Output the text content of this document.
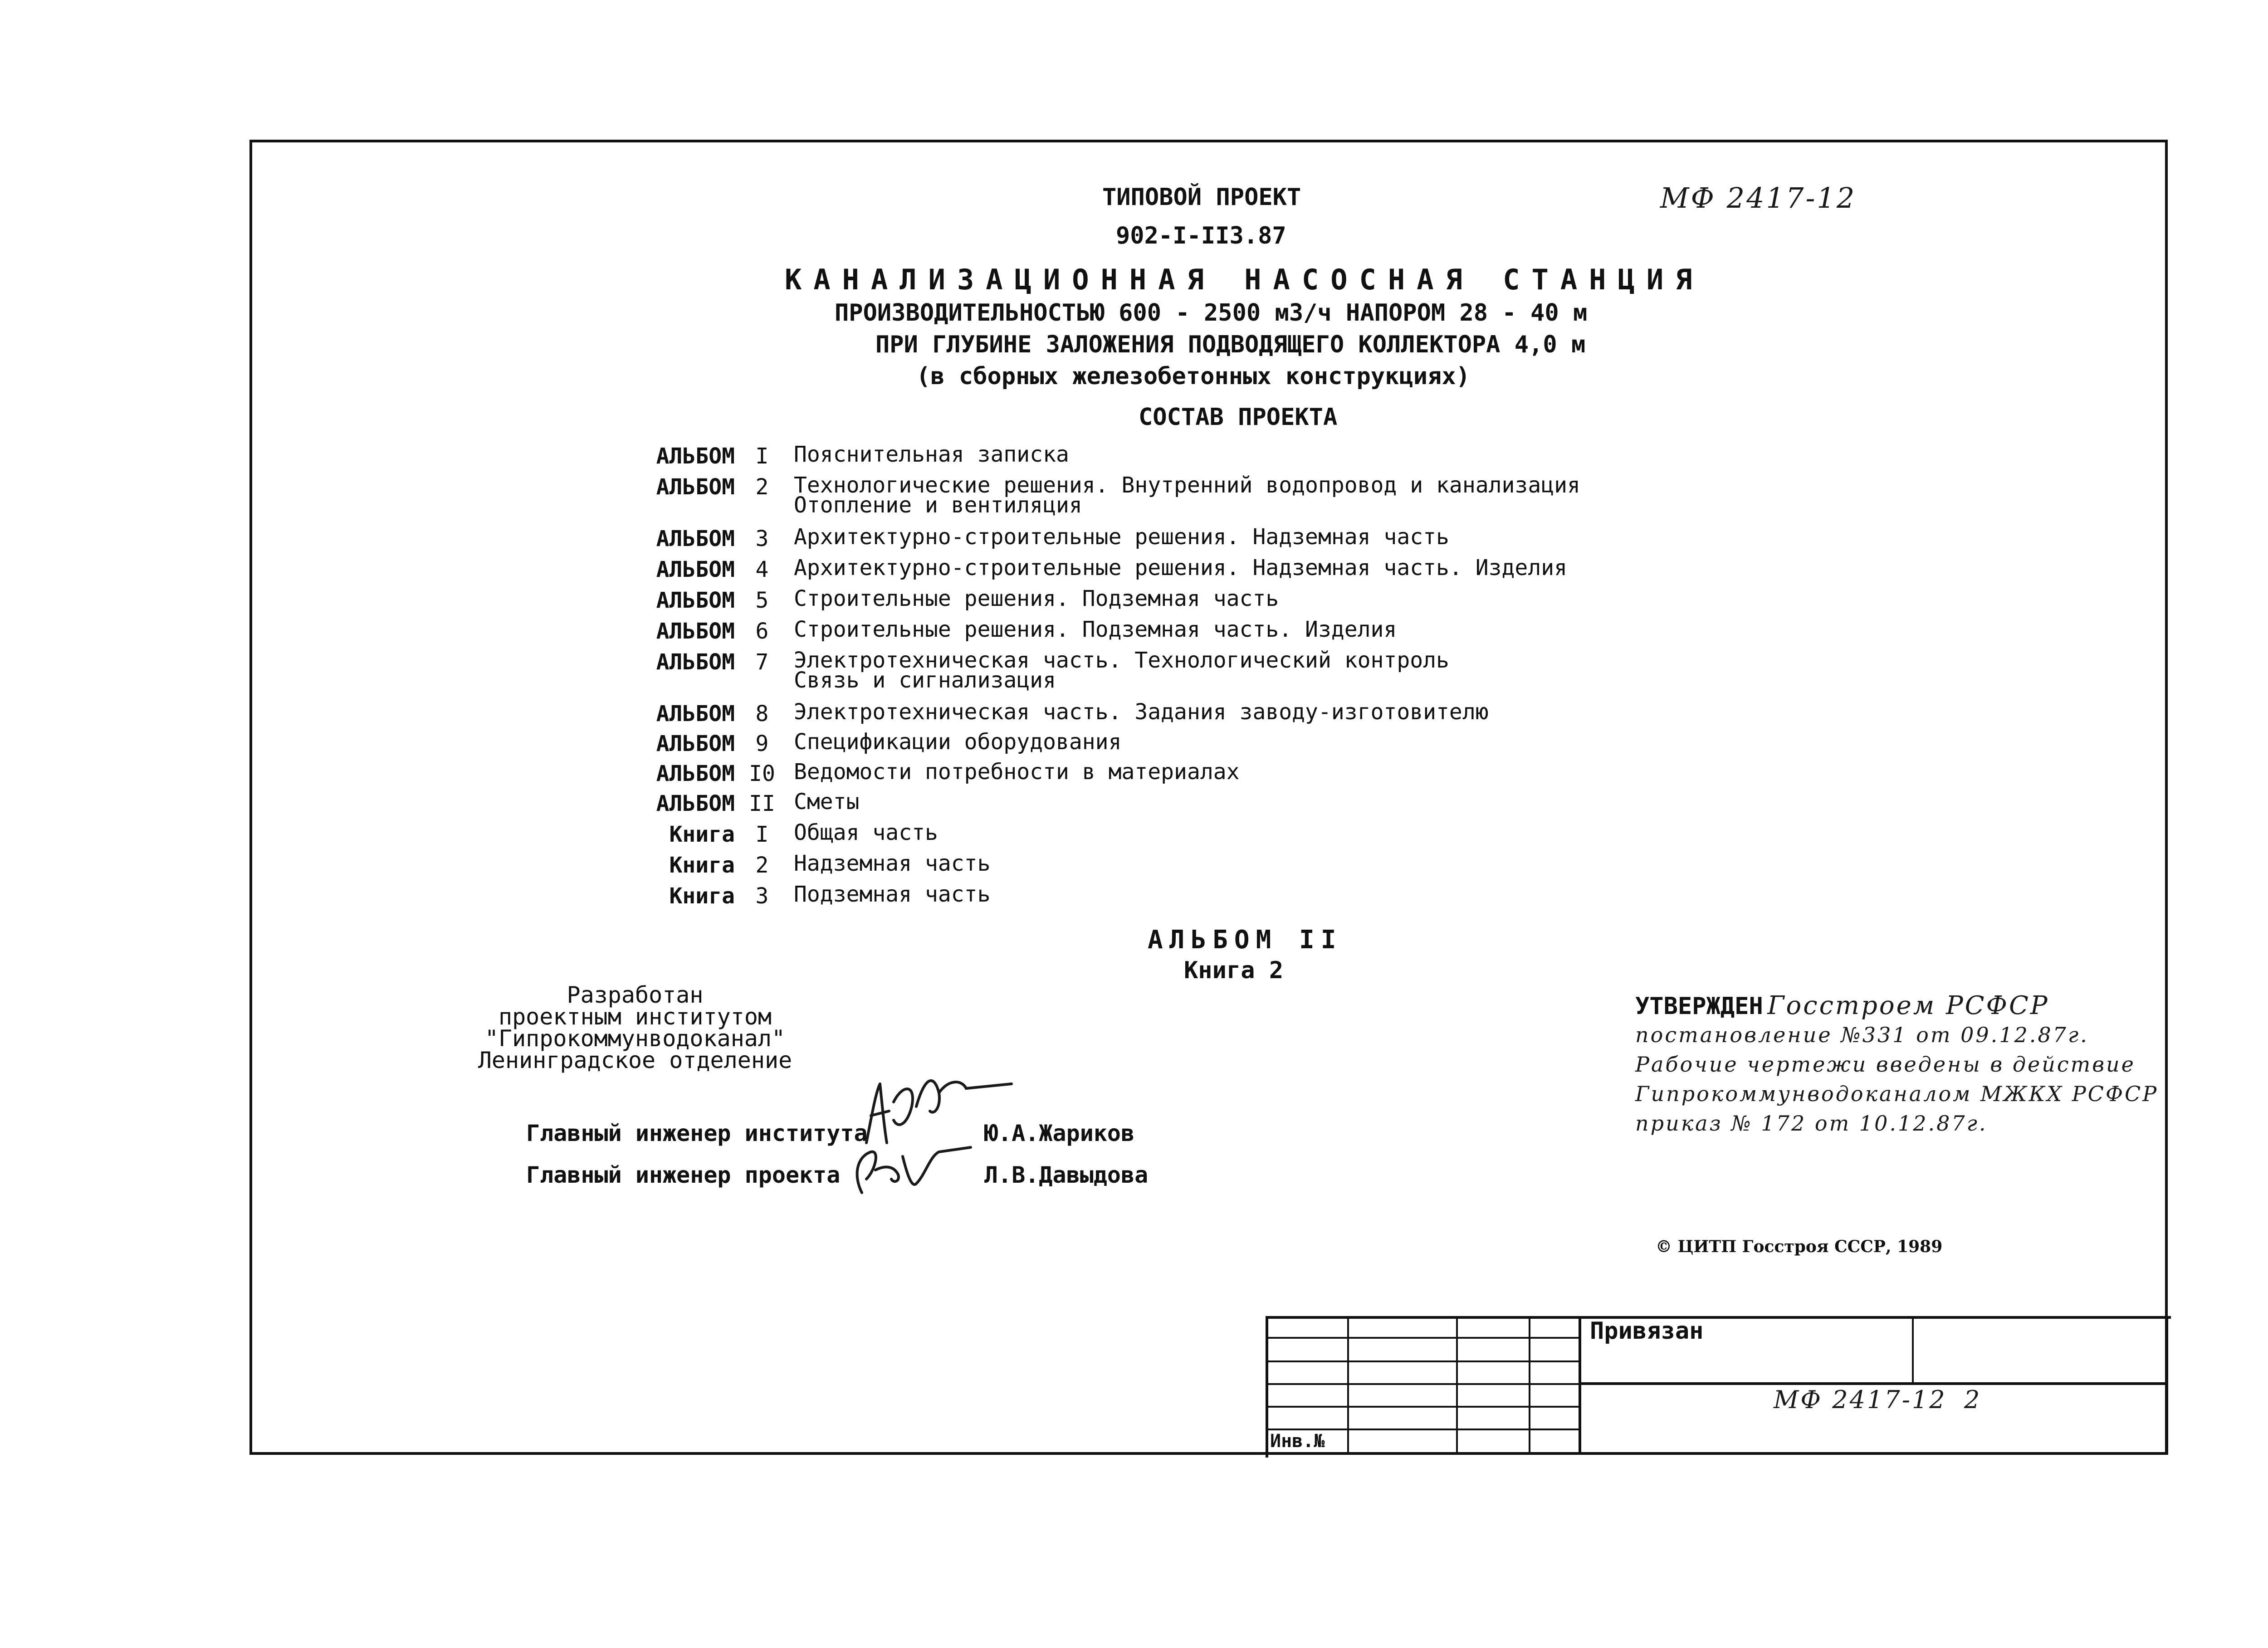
ТИПОВОЙ ПРОЕКТ	МФ 2417-12
902-I-II3.87
КАНАЛИЗАЦИОННАЯ НАСОСНАЯ СТАНЦИЯ
ПРОИЗВОДИТЕЛЬНОСТЬЮ 600 - 2500 м3/ч НАПОРОМ 28 - 40 м
ПРИ ГЛУБИНЕ ЗАЛОЖЕНИЯ ПОДВОДЯЩЕГО КОЛЛЕКТОРА 4,0 м
(в сборных железобетонных конструкциях)
СОСТАВ ПРОЕКТА
АЛЬБОМ I	Пояснительная записка
АЛЬБОМ 2	Технологические решения. Внутренний водопровод и канализация
Отопление и вентиляция
АЛЬБОМ 3	Архитектурно-строительные решения. Надземная часть
АЛЬБОМ 4	Архитектурно-строительные решения. Надземная часть. Изделия
АЛЬБОМ 5	Строительные решения. Подземная часть
АЛЬБОМ 6	Строительные решения. Подземная часть. Изделия
АЛЬБОМ 7	Электротехническая часть. Технологический контроль
Связь и сигнализация
АЛЬБОМ 8	Электротехническая часть. Задания заводу-изготовителю
АЛЬБОМ 9	Спецификации оборудования
АЛЬБОМ I0 Ведомости потребности в материалах
АЛЬБОМ II Сметы
Книга I	Общая часть
Книга 2	Надземная часть
Книга 3	Подземная часть
АЛЬБОМ II
Книга 2
Разработан
проектным институтом
"Гипрокоммунводоканал"
Ленинградское отделение
Главный инженер института	Ю.А.Жариков
Главный инженер проекта	Л.В.Давыдова
УТВЕРЖДЕН Госстроем РСФСР
постановление №331 от 09.12.87г.
Рабочие чертежи введены в действие
Гипрокоммунводоканалом МЖКХ РСФСР
приказ № 172 от 10.12.87г.
© ЦИТП Госстроя СССР, 1989
Привязан
Инв.№
МФ 2417-12 2
